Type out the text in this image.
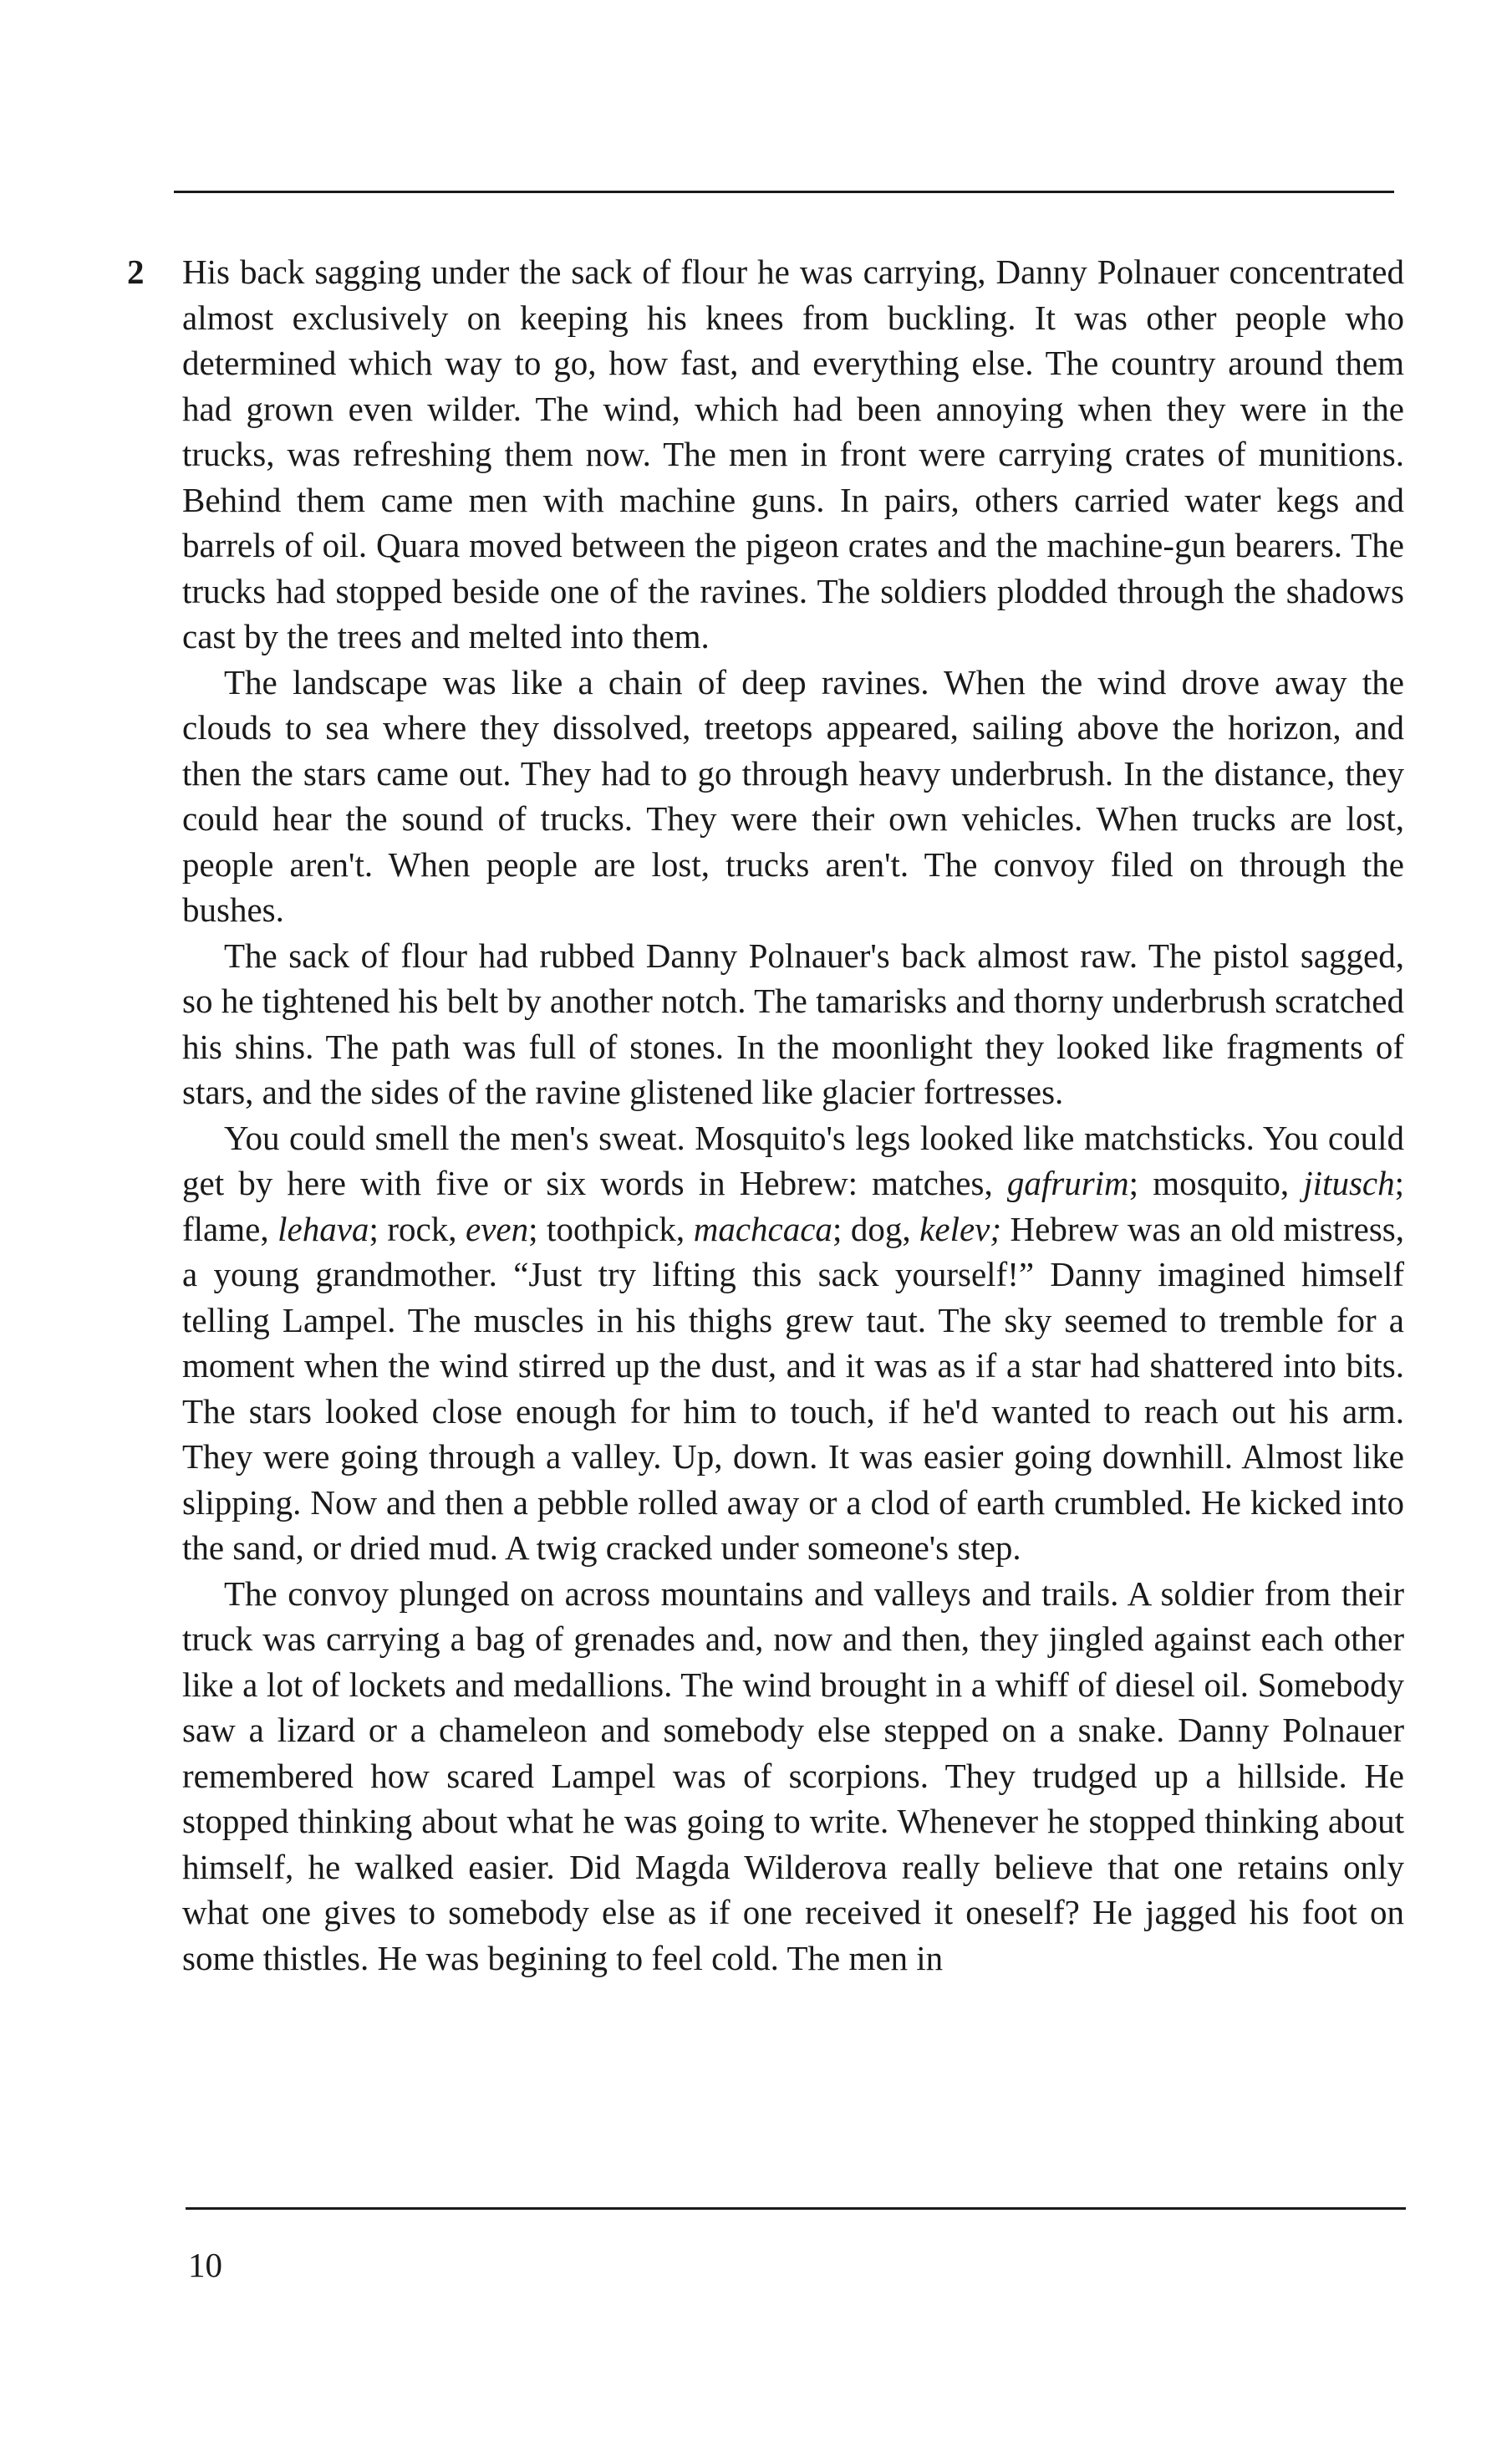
2 His back sagging under the sack of flour he was carrying, Danny Polnauer concentrated almost exclusively on keeping his knees from buckling. It was other people who determined which way to go, how fast, and everything else. The country around them had grown even wilder. The wind, which had been annoying when they were in the trucks, was refreshing them now. The men in front were carrying crates of munitions. Behind them came men with machine guns. In pairs, others carried water kegs and barrels of oil. Quara moved between the pigeon crates and the machine-gun bearers. The trucks had stopped beside one of the ravines. The soldiers plodded through the shadows cast by the trees and melted into them.

The landscape was like a chain of deep ravines. When the wind drove away the clouds to sea where they dissolved, treetops appeared, sailing above the horizon, and then the stars came out. They had to go through heavy underbrush. In the distance, they could hear the sound of trucks. They were their own vehicles. When trucks are lost, people aren't. When people are lost, trucks aren't. The convoy filed on through the bushes.

The sack of flour had rubbed Danny Polnauer's back almost raw. The pistol sagged, so he tightened his belt by another notch. The tamarisks and thorny underbrush scratched his shins. The path was full of stones. In the moonlight they looked like fragments of stars, and the sides of the ravine glistened like glacier fortresses.

You could smell the men's sweat. Mosquito's legs looked like matchsticks. You could get by here with five or six words in Hebrew: matches, gafrurim; mosquito, jitusch; flame, lehava; rock, even; toothpick, machcaca; dog, kelev; Hebrew was an old mistress, a young grandmother. “Just try lifting this sack yourself!” Danny imagined himself telling Lampel. The muscles in his thighs grew taut. The sky seemed to tremble for a moment when the wind stirred up the dust, and it was as if a star had shattered into bits. The stars looked close enough for him to touch, if he'd wanted to reach out his arm. They were going through a valley. Up, down. It was easier going downhill. Almost like slipping. Now and then a pebble rolled away or a clod of earth crumbled. He kicked into the sand, or dried mud. A twig cracked under someone's step.

The convoy plunged on across mountains and valleys and trails. A soldier from their truck was carrying a bag of grenades and, now and then, they jingled against each other like a lot of lockets and medallions. The wind brought in a whiff of diesel oil. Somebody saw a lizard or a chameleon and somebody else stepped on a snake. Danny Polnauer remembered how scared Lampel was of scorpions. They trudged up a hillside. He stopped thinking about what he was going to write. Whenever he stopped thinking about himself, he walked easier. Did Magda Wilderova really believe that one retains only what one gives to somebody else as if one received it oneself? He jagged his foot on some thistles. He was begining to feel cold. The men in

10
